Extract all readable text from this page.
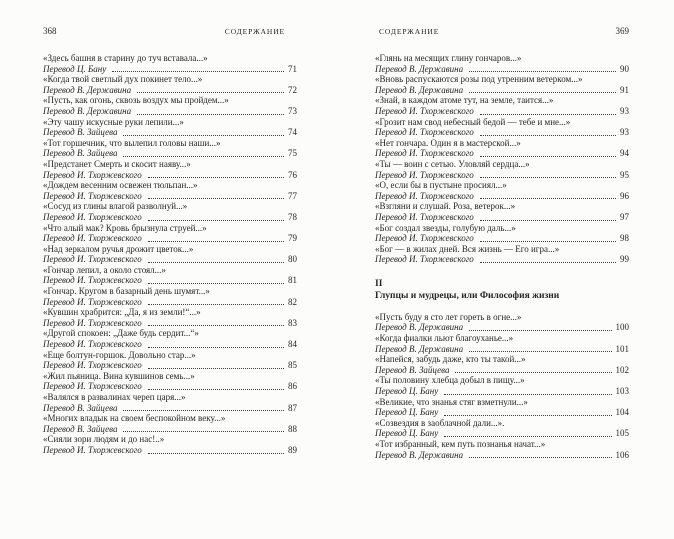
368	СОДЕРЖАНИЕ
«Здесь башня в старину до туч вставала...»
Перевод Ц. Бану	71
«Когда твой светлый дух покинет тело...»
Перевод В. Державина	72
«Пусть, как огонь, сквозь воздух мы пройдем...»
Перевод В. Державина	73
«Эту чашу искусные руки лепили...»
Перевод В. Зайцева	74
«Тот горшечник, что вылепил головы наши...»
Перевод В. Зайцева	75
«Предстанет Смерть и скосит наяву...»
Перевод И. Тхоржевского	76
«Дождем весенним освежен тюльпан...»
Перевод И. Тхоржевского	77
«Сосуд из глины влагой разволнуй...»
Перевод И. Тхоржевского	78
«Что алый мак? Кровь брызнула струей...»
Перевод И. Тхоржевского	79
«Над зеркалом ручья дрожит цветок...»
Перевод И. Тхоржевского	80
«Гончар лепил, а около стоял...»
Перевод И. Тхоржевского	81
«Гончар. Кругом в базарный день шумят...»
Перевод И. Тхоржевского	82
«Кувшин храбрится: „Да, я из земли!“...»
Перевод И. Тхоржевского	83
«Другой спокоен: „Даже будь сердит...“»
Перевод И. Тхоржевского	84
«Еще болтун-горшок. Довольно стар...»
Перевод И. Тхоржевского	85
«Жил пьяница. Вина кувшинов семь...»
Перевод И. Тхоржевского	86
«Валялся в развалинах череп царя...»
Перевод В. Зайцева	87
«Многих владык на своем беспокойном веку...»
Перевод В. Зайцева	88
«Сияли зори людям и до нас!..»
Перевод И. Тхоржевского	89
СОДЕРЖАНИЕ	369
«Глянь на месящих глину гончаров...»
Перевод В. Державина	90
«Вновь распускаются розы под утренним ветерком...»
Перевод В. Державина	91
«Знай, в каждом атоме тут, на земле, таится...»
Перевод И. Тхоржевского	93
«Грозит нам свод небесный бедой — тебе и мне...»
Перевод И. Тхоржевского	93
«Нет гончара. Один я в мастерской...»
Перевод И. Тхоржевского	94
«Ты — воин с сетью. Уловляй сердца...»
Перевод И. Тхоржевского	95
«О, если бы в пустыне просиял...»
Перевод И. Тхоржевского	96
«Взгляни и слушай. Роза, ветерок...»
Перевод И. Тхоржевского	97
«Бог создал звезды, голубую даль...»
Перевод И. Тхоржевского	98
«Бог — в жилах дней. Вся жизнь — Его игра...»
Перевод И. Тхоржевского	99
II
Глупцы и мудрецы, или Философия жизни
«Пусть буду я сто лет гореть в огне...»
Перевод В. Державина	100
«Когда фиалки льют благоуханье...»
Перевод В. Державина	101
«Напейся, забудь даже, кто ты такой...»
Перевод В. Зайцева	102
«Ты половину хлебца добыл в пищу...»
Перевод Ц. Бану	103
«Великие, что знанья стяг взметнули...»
Перевод Ц. Бану	104
«Созвездия в заоблачной дали...».
Перевод Ц. Бану	105
«Тот избранный, кем путь познанья начат...»
Перевод В. Державина	106
